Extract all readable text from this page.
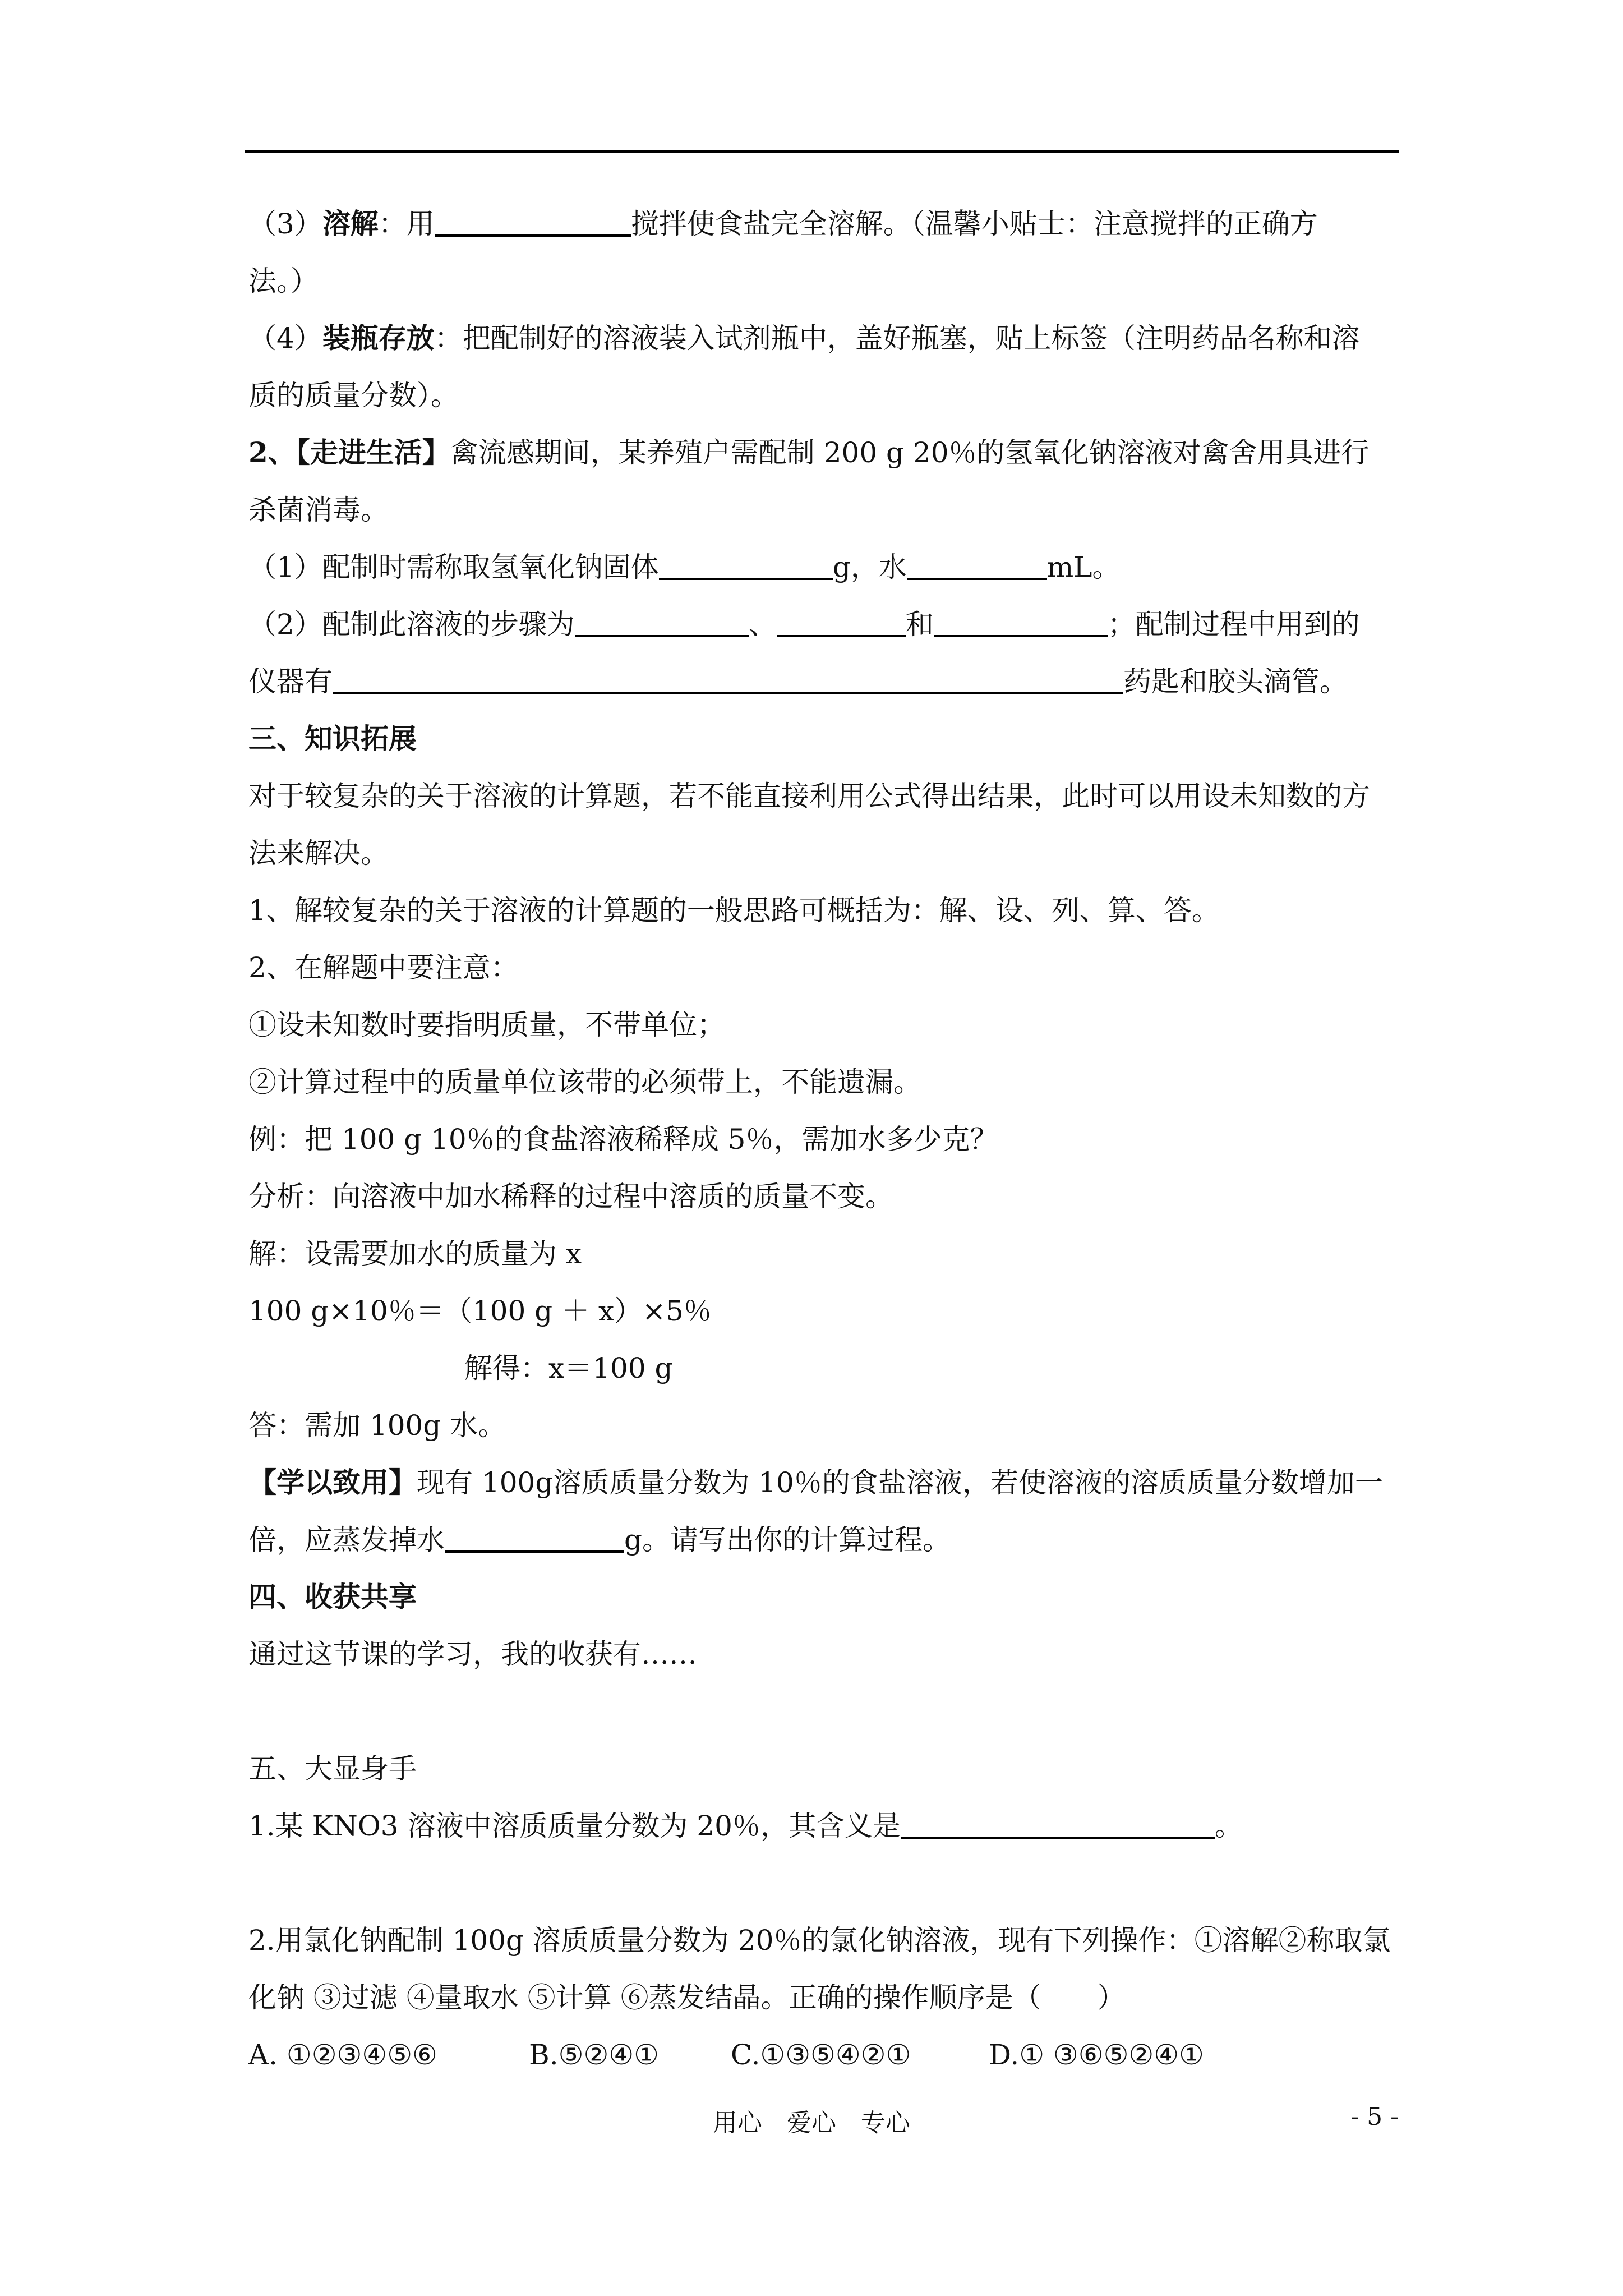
（3）溶解：用	搅拌使食盐完全溶解。（温馨小贴士：注意搅拌的正确方
法。）
（4）装瓶存放：把配制好的溶液装入试剂瓶中，盖好瓶塞，贴上标签（注明药品名称和溶
质的质量分数）。
2、【走进生活】禽流感期间，某养殖户需配制 200 g 20％的氢氧化钠溶液对禽舍用具进行
杀菌消毒。
（1）配制时需称取氢氧化钠固体	g，水	mL。
（2）配制此溶液的步骤为	、	和	；配制过程中用到的
仪器有	药匙和胶头滴管。
三、知识拓展
对于较复杂的关于溶液的计算题，若不能直接利用公式得出结果，此时可以用设未知数的方
法来解决。
1、解较复杂的关于溶液的计算题的一般思路可概括为：解、设、列、算、答。
2、在解题中要注意：
①设未知数时要指明质量，不带单位；
②计算过程中的质量单位该带的必须带上，不能遗漏。
例：把 100 g 10％的食盐溶液稀释成 5％，需加水多少克？
分析：向溶液中加水稀释的过程中溶质的质量不变。
解：设需要加水的质量为 x
100 g×10％＝（100 g ＋ x）×5％
解得：x＝100 g
答：需加 100g 水。
【学以致用】现有 100g溶质质量分数为 10％的食盐溶液，若使溶液的溶质质量分数增加一
倍，应蒸发掉水	g。请写出你的计算过程。
四、收获共享
通过这节课的学习，我的收获有……
五、大显身手
1.某 KNO3 溶液中溶质质量分数为 20％，其含义是	。
2.用氯化钠配制 100g 溶质质量分数为 20％的氯化钠溶液，现有下列操作：①溶解②称取氯
化钠 ③过滤 ④量取水 ⑤计算 ⑥蒸发结晶。正确的操作顺序是（　　）
A. ①②③④⑤⑥	B.⑤②④①	C.①③⑤④②①	D.① ③⑥⑤②④①
用心　爱心　专心	- 5 -
